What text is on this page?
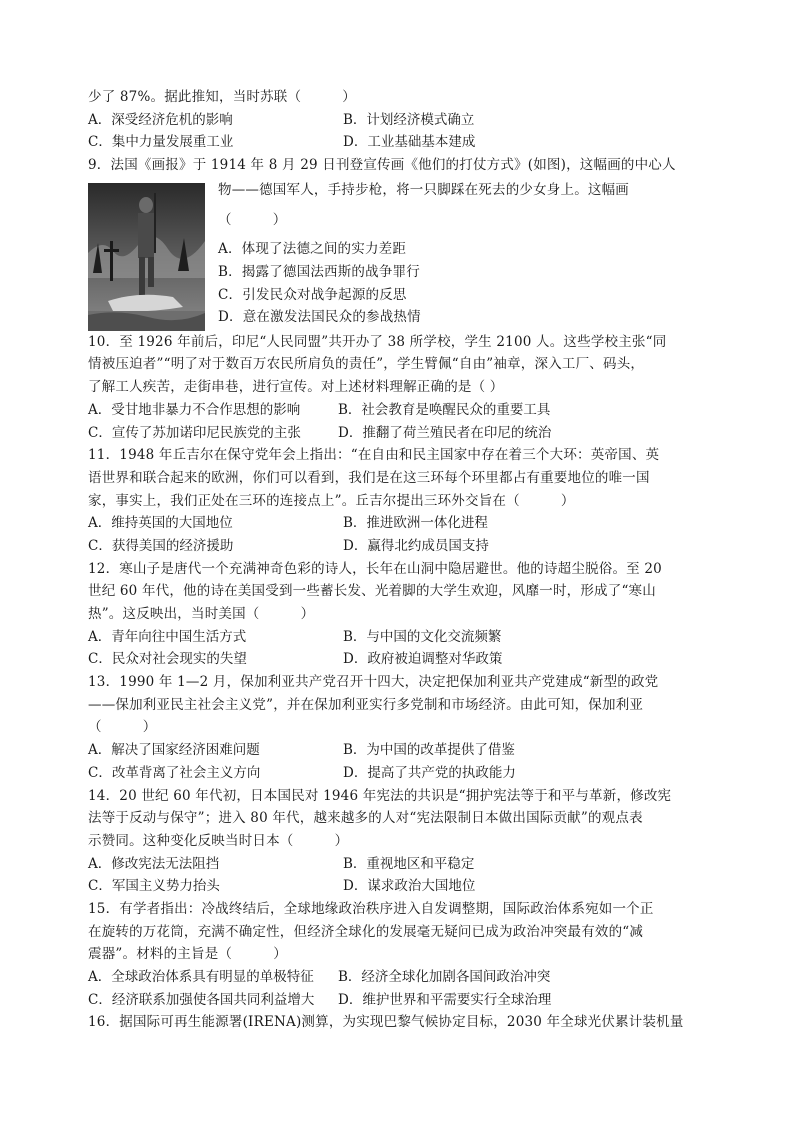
少了 87%。据此推知，当时苏联（　　　）
A．深受经济危机的影响	B．计划经济模式确立
C．集中力量发展重工业	D．工业基础基本建成
9．法国《画报》于 1914 年 8 月 29 日刊登宣传画《他们的打仗方式》(如图)，这幅画的中心人
物——德国军人，手持步枪，将一只脚踩在死去的少女身上。这幅画
（　　　）
A．体现了法德之间的实力差距
B．揭露了德国法西斯的战争罪行
C．引发民众对战争起源的反思
D．意在激发法国民众的参战热情
10．至 1926 年前后，印尼“人民同盟”共开办了 38 所学校，学生 2100 人。这些学校主张“同
情被压迫者”“明了对于数百万农民所肩负的责任”，学生臂佩“自由”袖章，深入工厂、码头，
了解工人疾苦，走街串巷，进行宣传。对上述材料理解正确的是（ ）
A．受甘地非暴力不合作思想的影响	B．社会教育是唤醒民众的重要工具
C．宣传了苏加诺印尼民族党的主张	D．推翻了荷兰殖民者在印尼的统治
11．1948 年丘吉尔在保守党年会上指出：“在自由和民主国家中存在着三个大环：英帝国、英
语世界和联合起来的欧洲，你们可以看到，我们是在这三环每个环里都占有重要地位的唯一国
家，事实上，我们正处在三环的连接点上”。丘吉尔提出三环外交旨在（　　　）
A．维持英国的大国地位	B．推进欧洲一体化进程
C．获得美国的经济援助	D．赢得北约成员国支持
12．寒山子是唐代一个充满神奇色彩的诗人，长年在山洞中隐居避世。他的诗超尘脱俗。至 20
世纪 60 年代，他的诗在美国受到一些蓄长发、光着脚的大学生欢迎，风靡一时，形成了“寒山
热”。这反映出，当时美国（　　　）
A．青年向往中国生活方式	B．与中国的文化交流频繁
C．民众对社会现实的失望	D．政府被迫调整对华政策
13．1990 年 1—2 月，保加利亚共产党召开十四大，决定把保加利亚共产党建成“新型的政党
——保加利亚民主社会主义党”，并在保加利亚实行多党制和市场经济。由此可知，保加利亚
（　　　）
A．解决了国家经济困难问题	B．为中国的改革提供了借鉴
C．改革背离了社会主义方向	D．提高了共产党的执政能力
14．20 世纪 60 年代初，日本国民对 1946 年宪法的共识是“拥护宪法等于和平与革新，修改宪
法等于反动与保守”；进入 80 年代，越来越多的人对“宪法限制日本做出国际贡献”的观点表
示赞同。这种变化反映当时日本（　　　）
A．修改宪法无法阻挡	B．重视地区和平稳定
C．军国主义势力抬头	D．谋求政治大国地位
15．有学者指出：冷战终结后，全球地缘政治秩序进入自发调整期，国际政治体系宛如一个正
在旋转的万花筒，充满不确定性，但经济全球化的发展毫无疑问已成为政治冲突最有效的“减
震器”。材料的主旨是（　　　）
A．全球政治体系具有明显的单极特征	B．经济全球化加剧各国间政治冲突
C．经济联系加强使各国共同利益增大	D．维护世界和平需要实行全球治理
16．据国际可再生能源署(IRENA)测算，为实现巴黎气候协定目标，2030 年全球光伏累计装机量
